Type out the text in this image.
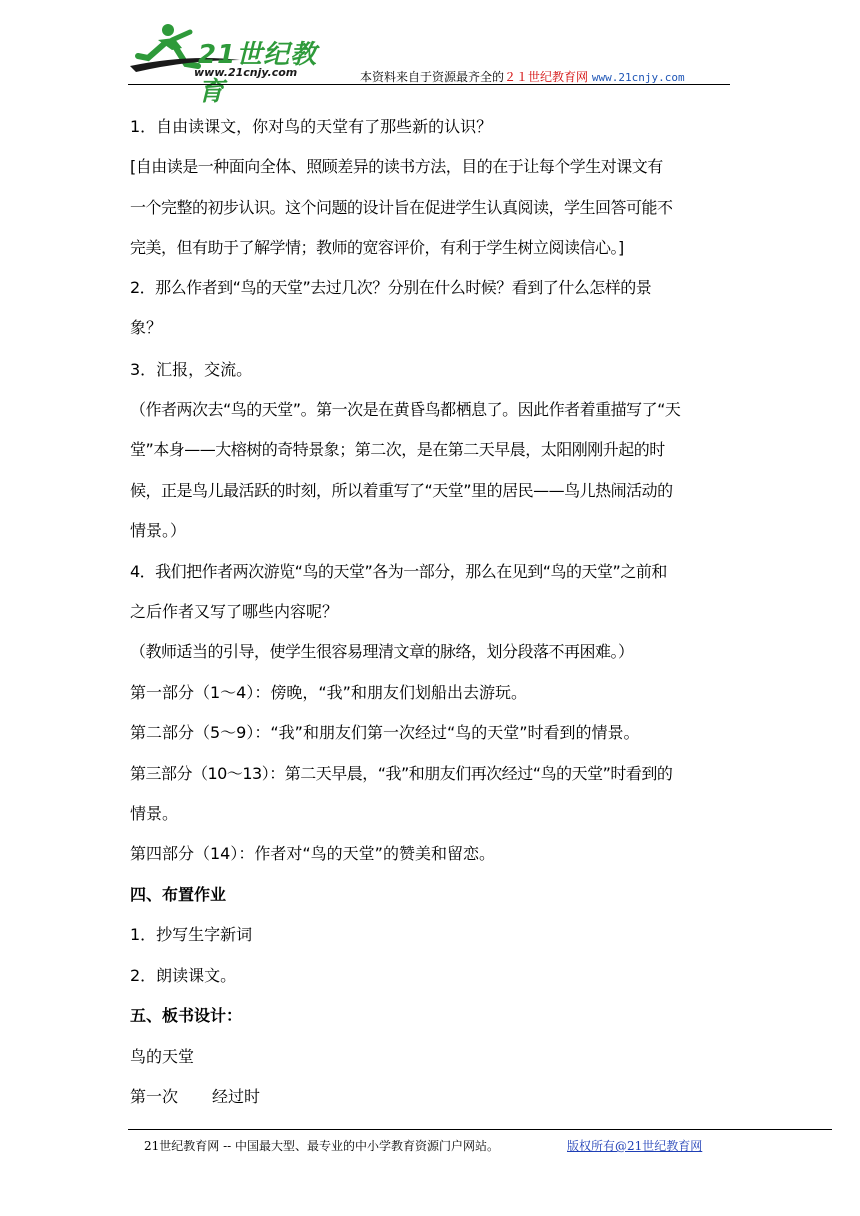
21世纪教育
www.21cnjy.com	本资料来自于资源最齐全的２１世纪教育网 www.21cnjy.com
1．自由读课文，你对鸟的天堂有了那些新的认识？
[自由读是一种面向全体、照顾差异的读书方法，目的在于让每个学生对课文有
一个完整的初步认识。这个问题的设计旨在促进学生认真阅读，学生回答可能不
完美，但有助于了解学情；教师的宽容评价，有利于学生树立阅读信心。]
2．那么作者到“鸟的天堂”去过几次？分别在什么时候？看到了什么怎样的景
象？
3．汇报，交流。
（作者两次去“鸟的天堂”。第一次是在黄昏鸟都栖息了。因此作者着重描写了“天
堂”本身——大榕树的奇特景象；第二次，是在第二天早晨，太阳刚刚升起的时
候，正是鸟儿最活跃的时刻，所以着重写了“天堂”里的居民——鸟儿热闹活动的
情景。）
4．我们把作者两次游览“鸟的天堂”各为一部分，那么在见到“鸟的天堂”之前和
之后作者又写了哪些内容呢？
（教师适当的引导，使学生很容易理清文章的脉络，划分段落不再困难。）
第一部分（1～4）：傍晚，“我”和朋友们划船出去游玩。
第二部分（5～9）：“我”和朋友们第一次经过“鸟的天堂”时看到的情景。
第三部分（10～13）：第二天早晨，“我”和朋友们再次经过“鸟的天堂”时看到的
情景。
第四部分（14）：作者对“鸟的天堂”的赞美和留恋。
四、布置作业
1．抄写生字新词
2．朗读课文。
五、板书设计：
鸟的天堂
第一次 经过时
21世纪教育网 -- 中国最大型、最专业的中小学教育资源门户网站。	版权所有@21世纪教育网
